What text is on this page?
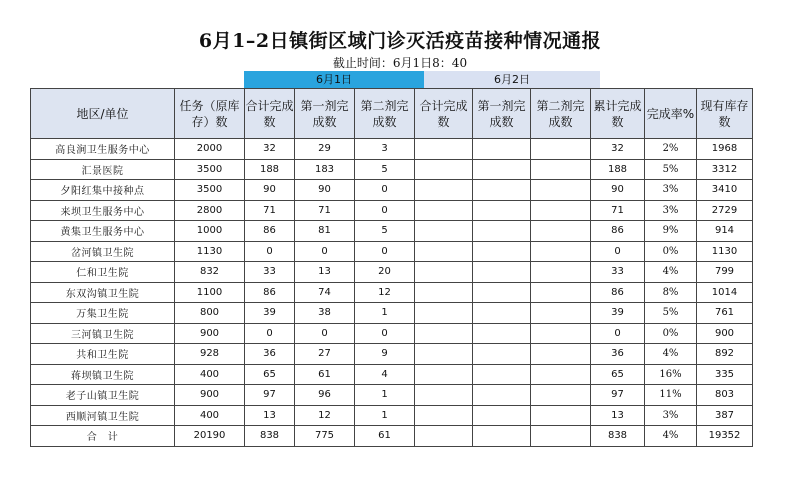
6月1–2日镇街区域门诊灭活疫苗接种情况通报
截止时间：6月1日8：40
6月1日	6月2日
地区/单位	任务（原库存）数	合计完成数	第一剂完成数	第二剂完成数	合计完成数	第一剂完成数	第二剂完成数	累计完成数	完成率%	现有库存数
高良涧卫生服务中心	2000	32	29	3				32	2%	1968
汇景医院	3500	188	183	5				188	5%	3312
夕阳红集中接种点	3500	90	90	0				90	3%	3410
来坝卫生服务中心	2800	71	71	0				71	3%	2729
黄集卫生服务中心	1000	86	81	5				86	9%	914
岔河镇卫生院	1130	0	0	0				0	0%	1130
仁和卫生院	832	33	13	20				33	4%	799
东双沟镇卫生院	1100	86	74	12				86	8%	1014
万集卫生院	800	39	38	1				39	5%	761
三河镇卫生院	900	0	0	0				0	0%	900
共和卫生院	928	36	27	9				36	4%	892
蒋坝镇卫生院	400	65	61	4				65	16%	335
老子山镇卫生院	900	97	96	1				97	11%	803
西顺河镇卫生院	400	13	12	1				13	3%	387
合　计	20190	838	775	61				838	4%	19352
